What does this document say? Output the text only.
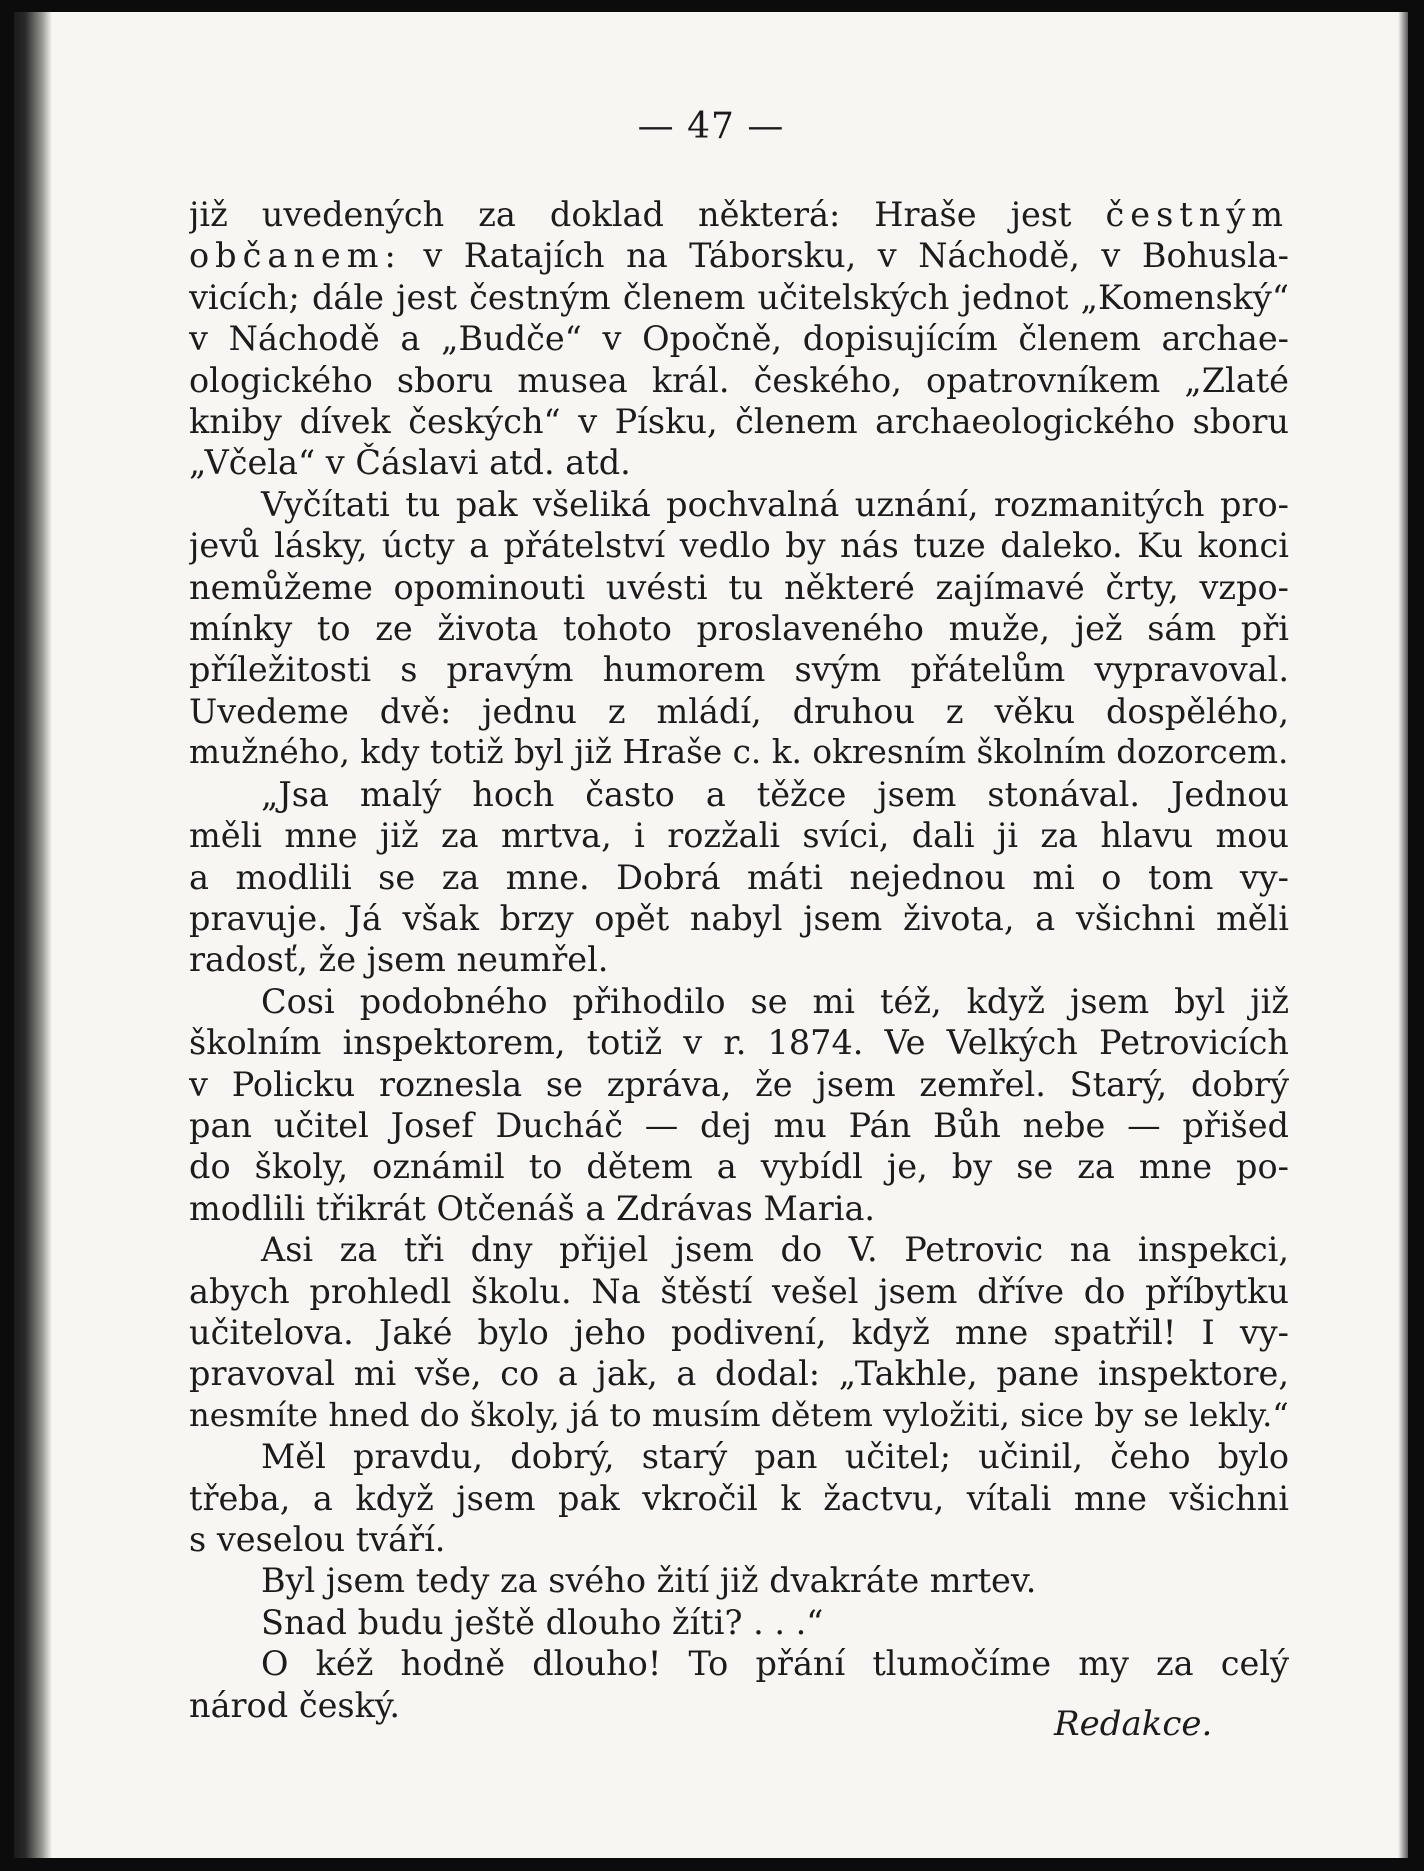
— 47 —
již uvedených za doklad některá: Hraše jest čestným
občanem: v Ratajích na Táborsku, v Náchodě, v Bohusla-
vicích; dále jest čestným členem učitelských jednot „Komenský“
v Náchodě a „Budče“ v Opočně, dopisujícím členem archae-
ologického sboru musea král. českého, opatrovníkem „Zlaté
kniby dívek českých“ v Písku, členem archaeologického sboru
„Včela“ v Čáslavi atd. atd.
Vyčítati tu pak všeliká pochvalná uznání, rozmanitých pro-
jevů lásky, úcty a přátelství vedlo by nás tuze daleko. Ku konci
nemůžeme opominouti uvésti tu některé zajímavé črty, vzpo-
mínky to ze života tohoto proslaveného muže, jež sám při
příležitosti s pravým humorem svým přátelům vypravoval.
Uvedeme dvě: jednu z mládí, druhou z věku dospělého,
mužného, kdy totiž byl již Hraše c. k. okresním školním dozorcem.
„Jsa malý hoch často a těžce jsem stonával. Jednou
měli mne již za mrtva, i rozžali svíci, dali ji za hlavu mou
a modlili se za mne. Dobrá máti nejednou mi o tom vy-
pravuje. Já však brzy opět nabyl jsem života, a všichni měli
radosť, že jsem neumřel.
Cosi podobného přihodilo se mi též, když jsem byl již
školním inspektorem, totiž v r. 1874. Ve Velkých Petrovicích
v Policku roznesla se zpráva, že jsem zemřel. Starý, dobrý
pan učitel Josef Ducháč — dej mu Pán Bůh nebe — přišed
do školy, oznámil to dětem a vybídl je, by se za mne po-
modlili třikrát Otčenáš a Zdrávas Maria.
Asi za tři dny přijel jsem do V. Petrovic na inspekci,
abych prohledl školu. Na štěstí vešel jsem dříve do příbytku
učitelova. Jaké bylo jeho podivení, když mne spatřil! I vy-
pravoval mi vše, co a jak, a dodal: „Takhle, pane inspektore,
nesmíte hned do školy, já to musím dětem vyložiti, sice by se lekly.“
Měl pravdu, dobrý, starý pan učitel; učinil, čeho bylo
třeba, a když jsem pak vkročil k žactvu, vítali mne všichni
s veselou tváří.
Byl jsem tedy za svého žití již dvakráte mrtev.
Snad budu ještě dlouho žíti? . . .“
O kéž hodně dlouho! To přání tlumočíme my za celý
národ český.	Redakce.
